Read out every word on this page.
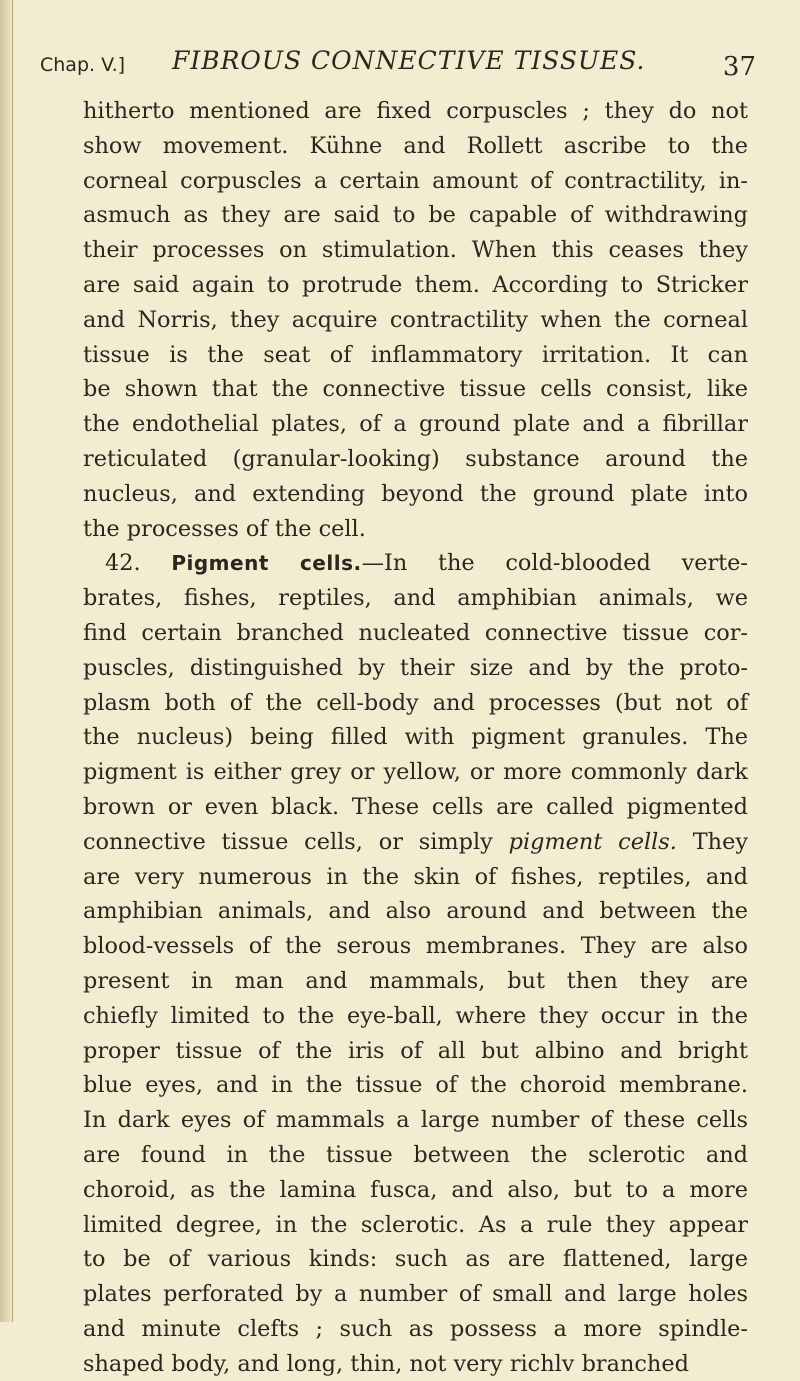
Chap. V.] FIBROUS CONNECTIVE TISSUES.	37
hitherto mentioned are fixed corpuscles ; they do not
show movement. Kühne and Rollett ascribe to the
corneal corpuscles a certain amount of contractility, in-
asmuch as they are said to be capable of withdrawing
their processes on stimulation. When this ceases they
are said again to protrude them. According to Stricker
and Norris, they acquire contractility when the corneal
tissue is the seat of inflammatory irritation. It can
be shown that the connective tissue cells consist, like
the endothelial plates, of a ground plate and a fibrillar
reticulated (granular-looking) substance around the
nucleus, and extending beyond the ground plate into
the processes of the cell.
42. Pigment cells.—In the cold-blooded verte-
brates, fishes, reptiles, and amphibian animals, we
find certain branched nucleated connective tissue cor-
puscles, distinguished by their size and by the proto-
plasm both of the cell-body and processes (but not of
the nucleus) being filled with pigment granules. The
pigment is either grey or yellow, or more commonly dark
brown or even black. These cells are called pigmented
connective tissue cells, or simply pigment cells. They
are very numerous in the skin of fishes, reptiles, and
amphibian animals, and also around and between the
blood-vessels of the serous membranes. They are also
present in man and mammals, but then they are
chiefly limited to the eye-ball, where they occur in the
proper tissue of the iris of all but albino and bright
blue eyes, and in the tissue of the choroid membrane.
In dark eyes of mammals a large number of these cells
are found in the tissue between the sclerotic and
choroid, as the lamina fusca, and also, but to a more
limited degree, in the sclerotic. As a rule they appear
to be of various kinds: such as are flattened, large
plates perforated by a number of small and large holes
and minute clefts ; such as possess a more spindle-
shaped body, and long, thin, not very richlv branched
